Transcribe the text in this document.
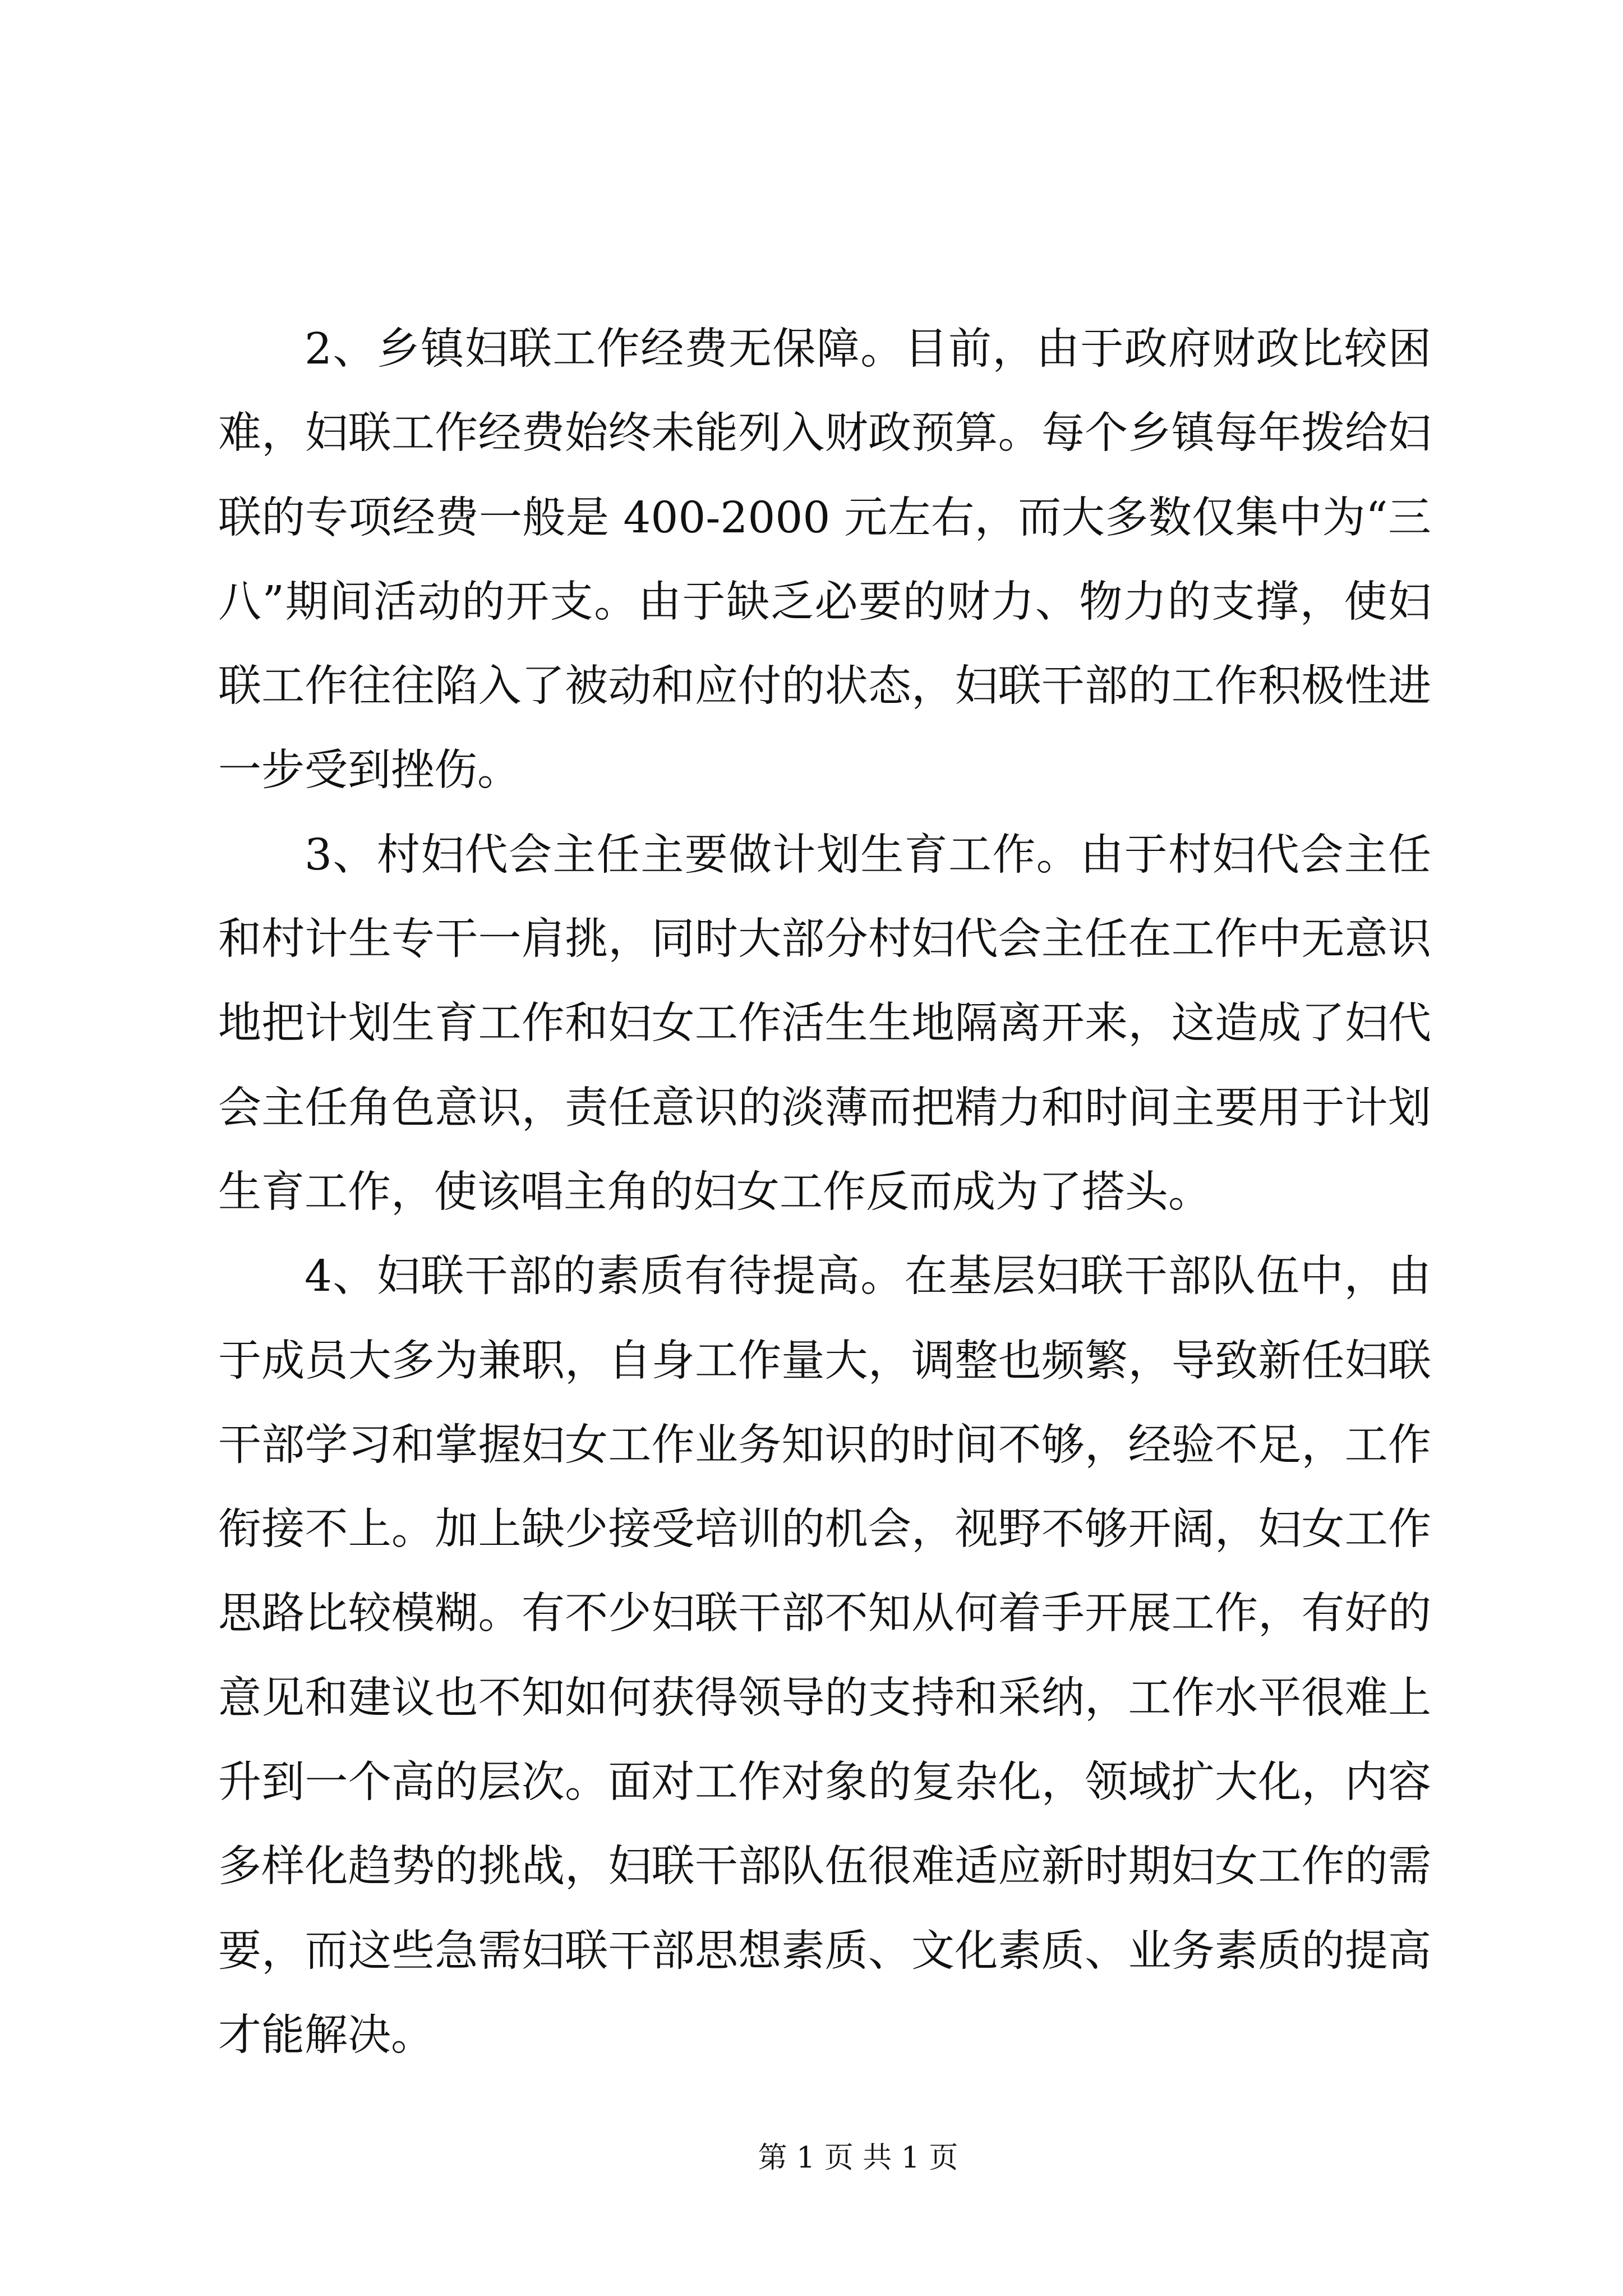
2、乡镇妇联工作经费无保障。目前，由于政府财政比较困
难，妇联工作经费始终未能列入财政预算。每个乡镇每年拨给妇
联的专项经费一般是 400-2000 元左右，而大多数仅集中为“三
八”期间活动的开支。由于缺乏必要的财力、物力的支撑，使妇
联工作往往陷入了被动和应付的状态，妇联干部的工作积极性进
一步受到挫伤。
3、村妇代会主任主要做计划生育工作。由于村妇代会主任
和村计生专干一肩挑，同时大部分村妇代会主任在工作中无意识
地把计划生育工作和妇女工作活生生地隔离开来，这造成了妇代
会主任角色意识，责任意识的淡薄而把精力和时间主要用于计划
生育工作，使该唱主角的妇女工作反而成为了搭头。
4、妇联干部的素质有待提高。在基层妇联干部队伍中，由
于成员大多为兼职，自身工作量大，调整也频繁，导致新任妇联
干部学习和掌握妇女工作业务知识的时间不够，经验不足，工作
衔接不上。加上缺少接受培训的机会，视野不够开阔，妇女工作
思路比较模糊。有不少妇联干部不知从何着手开展工作，有好的
意见和建议也不知如何获得领导的支持和采纳，工作水平很难上
升到一个高的层次。面对工作对象的复杂化，领域扩大化，内容
多样化趋势的挑战，妇联干部队伍很难适应新时期妇女工作的需
要，而这些急需妇联干部思想素质、文化素质、业务素质的提高
才能解决。
第 1 页 共 1 页
